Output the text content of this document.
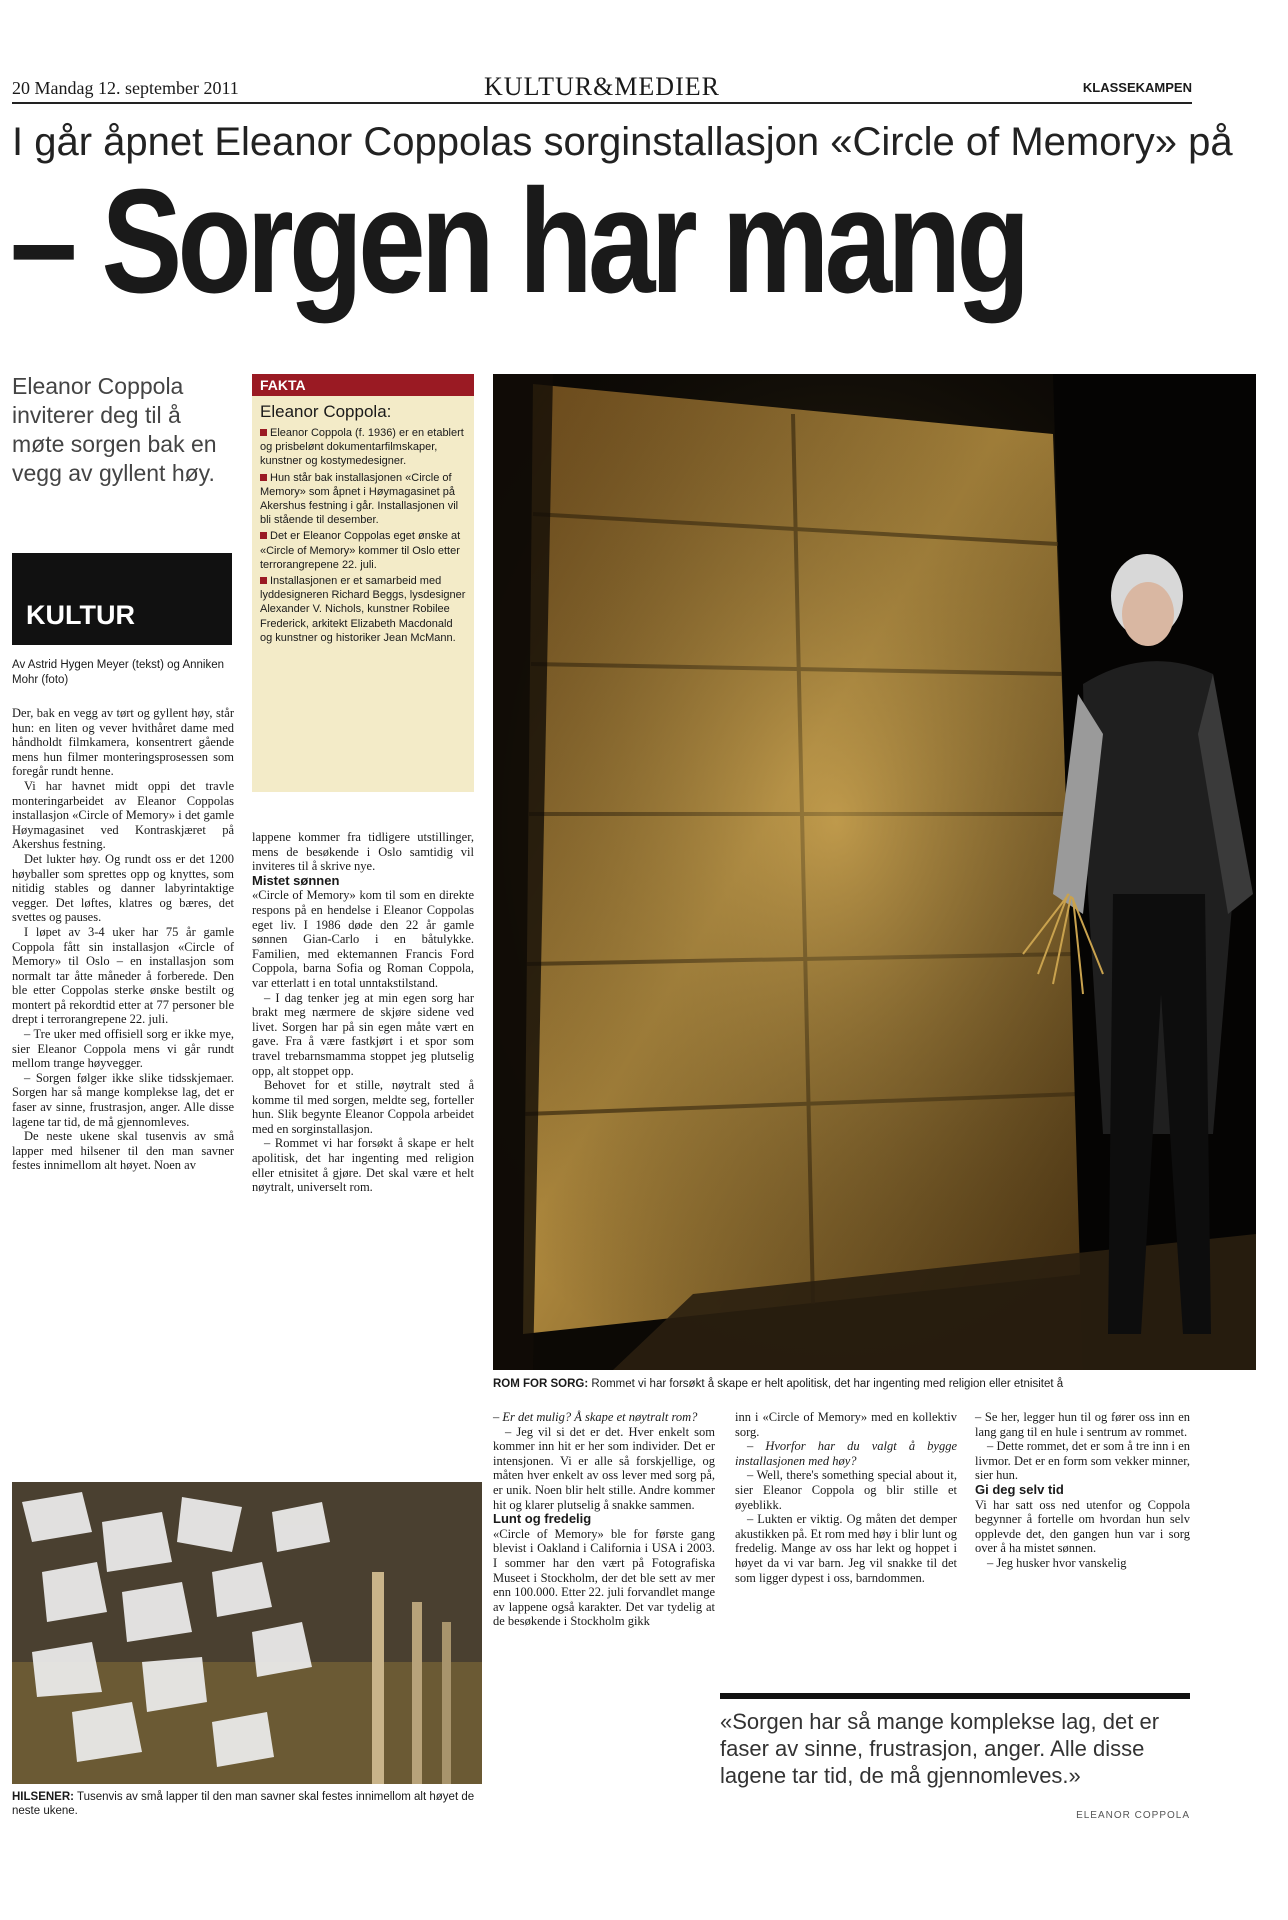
20 Mandag 12. september 2011	KULTUR&MEDIER	KLASSEKAMPEN
I går åpnet Eleanor Coppolas sorginstallasjon «Circle of Memory» på
– Sorgen har mang
Eleanor Coppola inviterer deg til å møte sorgen bak en vegg av gyllent høy.
KULTUR
Av Astrid Hygen Meyer (tekst) og Anniken Mohr (foto)

Der, bak en vegg av tørt og gyllent høy, står hun: en liten og vever hvithåret dame med håndholdt filmkamera, konsentrert gående mens hun filmer monteringsprosessen som foregår rundt henne.

Vi har havnet midt oppi det travle monteringarbeidet av Eleanor Coppolas installasjon «Circle of Memory» i det gamle Høymagasinet ved Kontraskjæret på Akershus festning.

Det lukter høy. Og rundt oss er det 1200 høyballer som sprettes opp og knyttes, som nitidig stables og danner labyrintaktige vegger. Det løftes, klatres og bæres, det svettes og pauses.

I løpet av 3-4 uker har 75 år gamle Coppola fått sin installasjon «Circle of Memory» til Oslo – en installasjon som normalt tar åtte måneder å forberede. Den ble etter Coppolas sterke ønske bestilt og montert på rekordtid etter at 77 personer ble drept i terrorangrepene 22. juli.

– Tre uker med offisiell sorg er ikke mye, sier Eleanor Coppola mens vi går rundt mellom trange høyvegger.

– Sorgen følger ikke slike tidsskjemaer. Sorgen har så mange komplekse lag, det er faser av sinne, frustrasjon, anger. Alle disse lagene tar tid, de må gjennomleves.

De neste ukene skal tusenvis av små lapper med hilsener til den man savner festes innimellom alt høyet. Noen av

FAKTA
Eleanor Coppola:
Eleanor Coppola (f. 1936) er en etablert og prisbelønt dokumentarfilmskaper, kunstner og kostymedesigner.
Hun står bak installasjonen «Circle of Memory» som åpnet i Høymagasinet på Akershus festning i går. Installasjonen vil bli stående til desember.
Det er Eleanor Coppolas eget ønske at «Circle of Memory» kommer til Oslo etter terrorangrepene 22. juli.
Installasjonen er et samarbeid med lyddesigneren Richard Beggs, lysdesigner Alexander V. Nichols, kunstner Robilee Frederick, arkitekt Elizabeth Macdonald og kunstner og historiker Jean McMann.

lappene kommer fra tidligere utstillinger, mens de besøkende i Oslo samtidig vil inviteres til å skrive nye.

Mistet sønnen

«Circle of Memory» kom til som en direkte respons på en hendelse i Eleanor Coppolas eget liv. I 1986 døde den 22 år gamle sønnen Gian-Carlo i en båtulykke. Familien, med ektemannen Francis Ford Coppola, barna Sofia og Roman Coppola, var etterlatt i en total unntakstilstand.

– I dag tenker jeg at min egen sorg har brakt meg nærmere de skjøre sidene ved livet. Sorgen har på sin egen måte vært en gave. Fra å være fastkjørt i et spor som travel trebarnsmamma stoppet jeg plutselig opp, alt stoppet opp.

Behovet for et stille, nøytralt sted å komme til med sorgen, meldte seg, forteller hun. Slik begynte Eleanor Coppola arbeidet med en sorginstallasjon.

– Rommet vi har forsøkt å skape er helt apolitisk, det har ingenting med religion eller etnisitet å gjøre. Det skal være et helt nøytralt, universelt rom.

ROM FOR SORG: Rommet vi har forsøkt å skape er helt apolitisk, det har ingenting med religion eller etnisitet å

– Er det mulig? Å skape et nøytralt rom?

– Jeg vil si det er det. Hver enkelt som kommer inn hit er her som individer. Det er intensjonen. Vi er alle så forskjellige, og måten hver enkelt av oss lever med sorg på, er unik. Noen blir helt stille. Andre kommer hit og klarer plutselig å snakke sammen.

Lunt og fredelig

«Circle of Memory» ble for første gang blevist i Oakland i California i USA i 2003. I sommer har den vært på Fotografiska Museet i Stockholm, der det ble sett av mer enn 100.000. Etter 22. juli forvandlet mange av lappene også karakter. Det var tydelig at de besøkende i Stockholm gikk

inn i «Circle of Memory» med en kollektiv sorg.

– Hvorfor har du valgt å bygge installasjonen med høy?

– Well, there's something special about it, sier Eleanor Coppola og blir stille et øyeblikk.

– Lukten er viktig. Og måten det demper akustikken på. Et rom med høy i blir lunt og fredelig. Mange av oss har lekt og hoppet i høyet da vi var barn. Jeg vil snakke til det som ligger dypest i oss, barndommen.

– Se her, legger hun til og fører oss inn en lang gang til en hule i sentrum av rommet.

– Dette rommet, det er som å tre inn i en livmor. Det er en form som vekker minner, sier hun.

Gi deg selv tid

Vi har satt oss ned utenfor og Coppola begynner å fortelle om hvordan hun selv opplevde det, den gangen hun var i sorg over å ha mistet sønnen.

– Jeg husker hvor vanskelig

HILSENER: Tusenvis av små lapper til den man savner skal festes innimellom alt høyet de neste ukene.
«Sorgen har så mange komplekse lag, det er faser av sinne, frustrasjon, anger. Alle disse lagene tar tid, de må gjennomleves.»
ELEANOR COPPOLA
